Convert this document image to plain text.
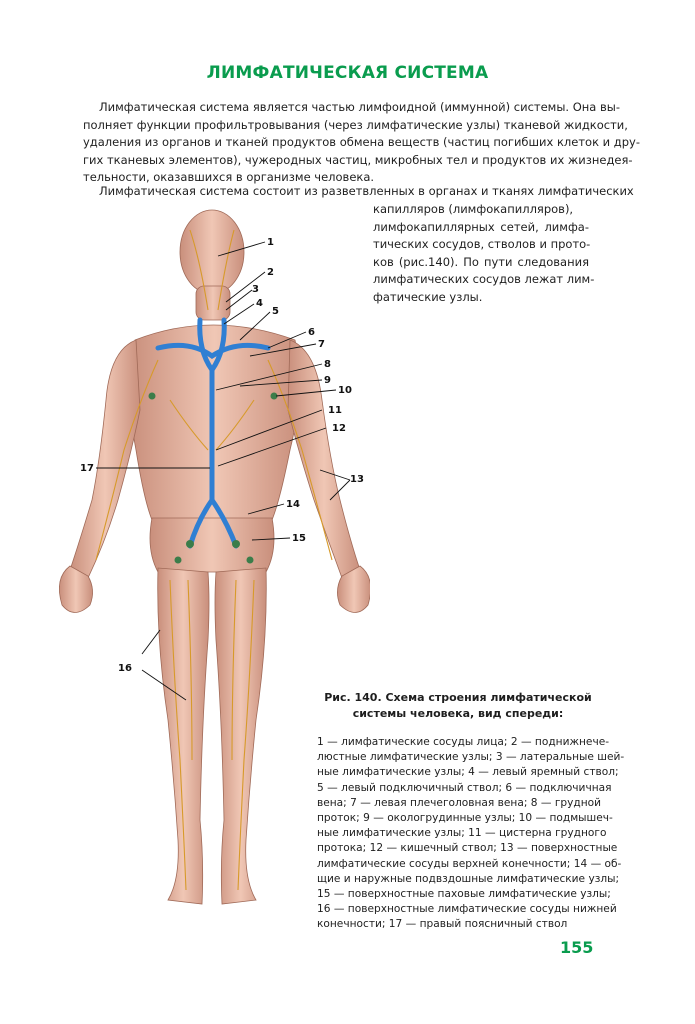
ЛИМФАТИЧЕСКАЯ СИСТЕМА
Лимфатическая система является частью лимфоидной (иммунной) системы. Она вы-
полняет функции профильтровывания (через лимфатические узлы) тканевой жидкости,
удаления из органов и тканей продуктов обмена веществ (частиц погибших клеток и дру-
гих тканевых элементов), чужеродных частиц, микробных тел и продуктов их жизнедея-
тельности, оказавшихся в организме человека.
Лимфатическая система состоит из разветвленных в органах и тканях лимфатических
капилляров (лимфокапилляров),
лимфокапиллярных сетей, лимфа-
тических сосудов, стволов и прото-
ков (рис.140). По пути следования
лимфатических сосудов лежат лим-
фатические узлы.
1
2
3
4
5
6
7
8
9
10
11
12
13
14
15
16
17
Рис. 140. Схема строения лимфатической
системы человека, вид спереди:
1 — лимфатические сосуды лица; 2 — поднижнече-
люстные лимфатические узлы; 3 — латеральные шей-
ные лимфатические узлы; 4 — левый яремный ствол;
5 — левый подключичный ствол; 6 — подключичная
вена; 7 — левая плечеголовная вена; 8 — грудной
проток; 9 — окологрудинные узлы; 10 — подмышеч-
ные лимфатические узлы; 11 — цистерна грудного
протока; 12 — кишечный ствол; 13 — поверхностные
лимфатические сосуды верхней конечности; 14 — об-
щие и наружные подвздошные лимфатические узлы;
15 — поверхностные паховые лимфатические узлы;
16 — поверхностные лимфатические сосуды нижней
конечности; 17 — правый поясничный ствол
155
